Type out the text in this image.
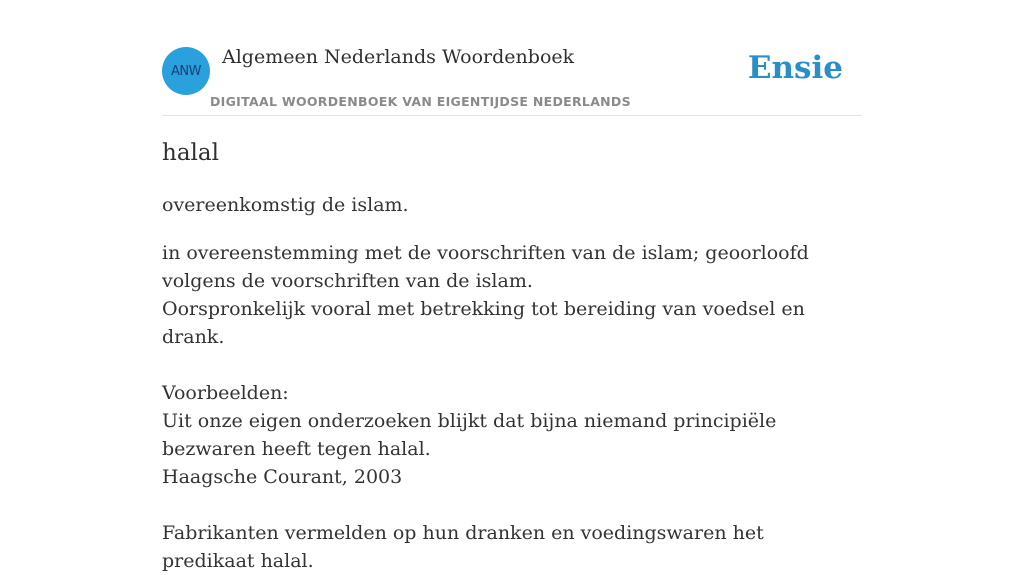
ANW
Algemeen Nederlands Woordenboek
DIGITAAL WOORDENBOEK VAN EIGENTIJDSE NEDERLANDS
Ensie
halal
overeenkomstig de islam.

in overeenstemming met de voorschriften van de islam; geoorloofd volgens de voorschriften van de islam.

Oorspronkelijk vooral met betrekking tot bereiding van voedsel en drank.

Voorbeelden:

Uit onze eigen onderzoeken blijkt dat bijna niemand principiële bezwaren heeft tegen halal.

Haagsche Courant, 2003

Fabrikanten vermelden op hun dranken en voedingswaren het predikaat halal.
